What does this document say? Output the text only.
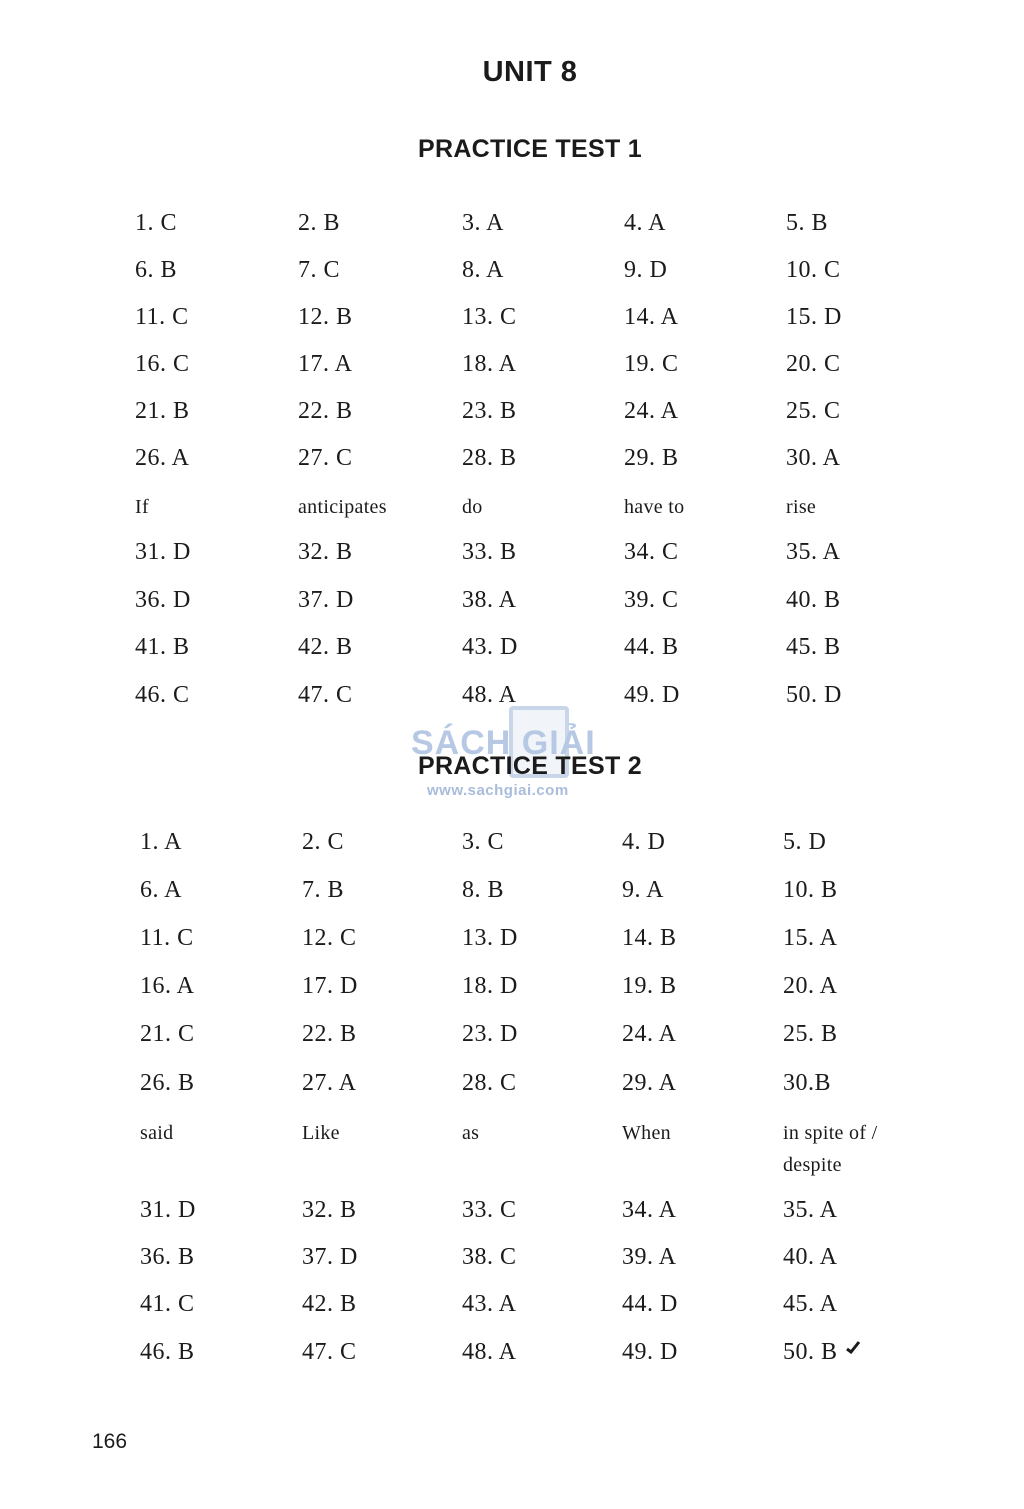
UNIT 8
PRACTICE TEST 1
PRACTICE TEST 2
1. C	2. B	3. A	4. A	5. B
6. B	7. C	8. A	9. D	10. C
11. C	12. B	13. C	14. A	15. D
16. C	17. A	18. A	19. C	20. C
21. B	22. B	23. B	24. A	25. C
26. A	27. C	28. B	29. B	30. A
If	anticipates	do	have to	rise
31. D	32. B	33. B	34. C	35. A
36. D	37. D	38. A	39. C	40. B
41. B	42. B	43. D	44. B	45. B
46. C	47. C	48. A	49. D	50. D
1. A	2. C	3. C	4. D	5. D
6. A	7. B	8. B	9. A	10. B
11. C	12. C	13. D	14. B	15. A
16. A	17. D	18. D	19. B	20. A
21. C	22. B	23. D	24. A	25. B
26. B	27. A	28. C	29. A	30.B
said	Like	as	When	in spite of / despite
31. D	32. B	33. C	34. A	35. A
36. B	37. D	38. C	39. A	40. A
41. C	42. B	43. A	44. D	45. A
46. B	47. C	48. A	49. D	50. B
SÁCH GIẢI
www.sachgiai.com
166
